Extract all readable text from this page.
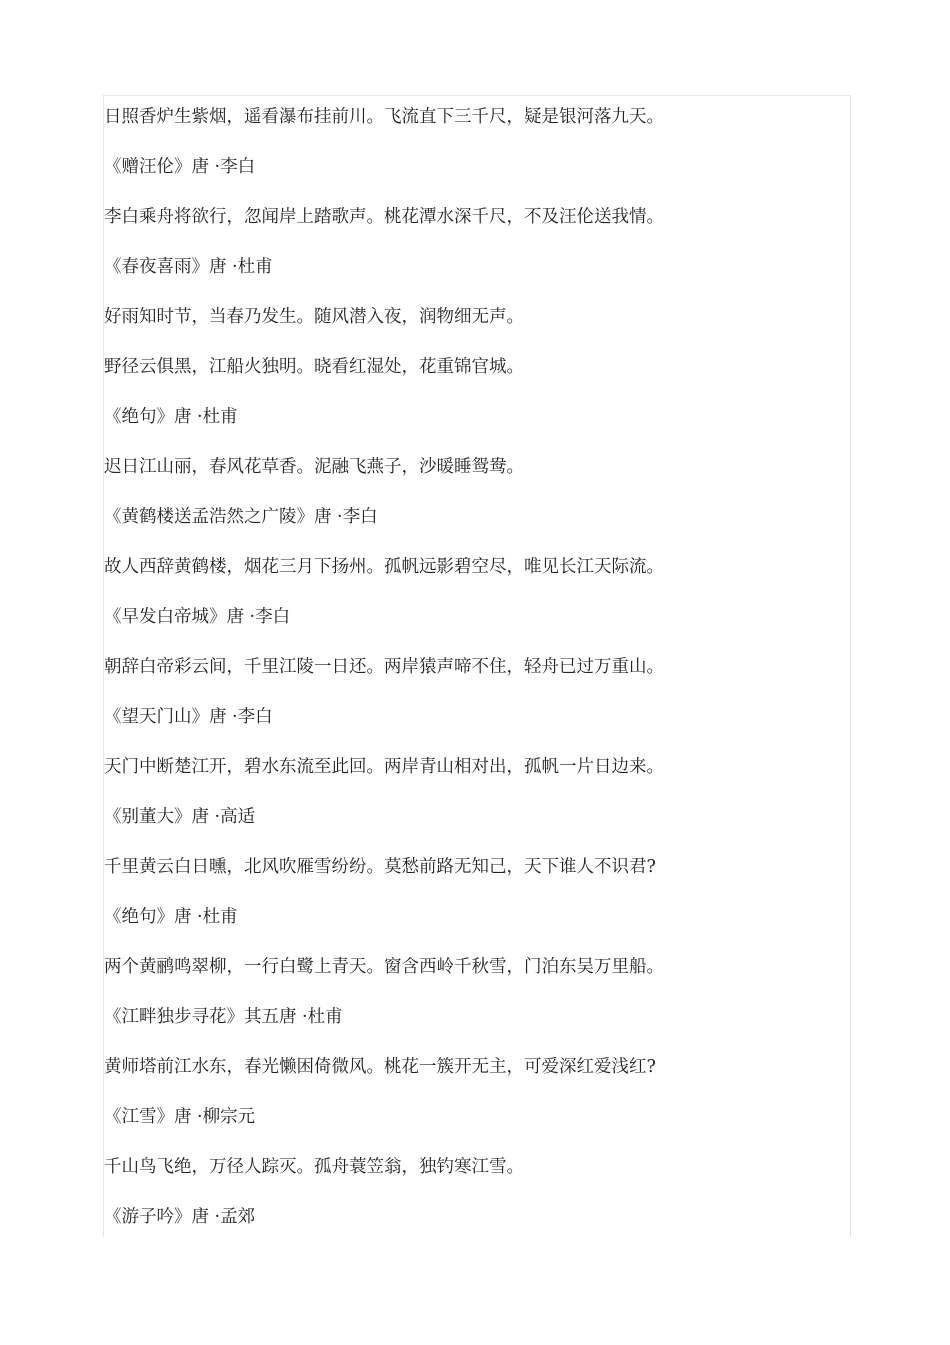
日照香炉生紫烟，遥看瀑布挂前川。飞流直下三千尺，疑是银河落九天。
《赠汪伦》唐 ·李白
李白乘舟将欲行，忽闻岸上踏歌声。桃花潭水深千尺，不及汪伦送我情。
《春夜喜雨》唐 ·杜甫
好雨知时节，当春乃发生。随风潜入夜，润物细无声。
野径云俱黑，江船火独明。晓看红湿处，花重锦官城。
《绝句》唐 ·杜甫
迟日江山丽，春风花草香。泥融飞燕子，沙暖睡鸳鸯。
《黄鹤楼送孟浩然之广陵》唐 ·李白
故人西辞黄鹤楼，烟花三月下扬州。孤帆远影碧空尽，唯见长江天际流。
《早发白帝城》唐 ·李白
朝辞白帝彩云间，千里江陵一日还。两岸猿声啼不住，轻舟已过万重山。
《望天门山》唐 ·李白
天门中断楚江开，碧水东流至此回。两岸青山相对出，孤帆一片日边来。
《别董大》唐 ·高适
千里黄云白日曛，北风吹雁雪纷纷。莫愁前路无知己，天下谁人不识君?
《绝句》唐 ·杜甫
两个黄鹂鸣翠柳，一行白鹭上青天。窗含西岭千秋雪，门泊东吴万里船。
《江畔独步寻花》其五唐 ·杜甫
黄师塔前江水东，春光懒困倚微风。桃花一簇开无主，可爱深红爱浅红?
《江雪》唐 ·柳宗元
千山鸟飞绝，万径人踪灭。孤舟蓑笠翁，独钓寒江雪。
《游子吟》唐 ·孟郊
